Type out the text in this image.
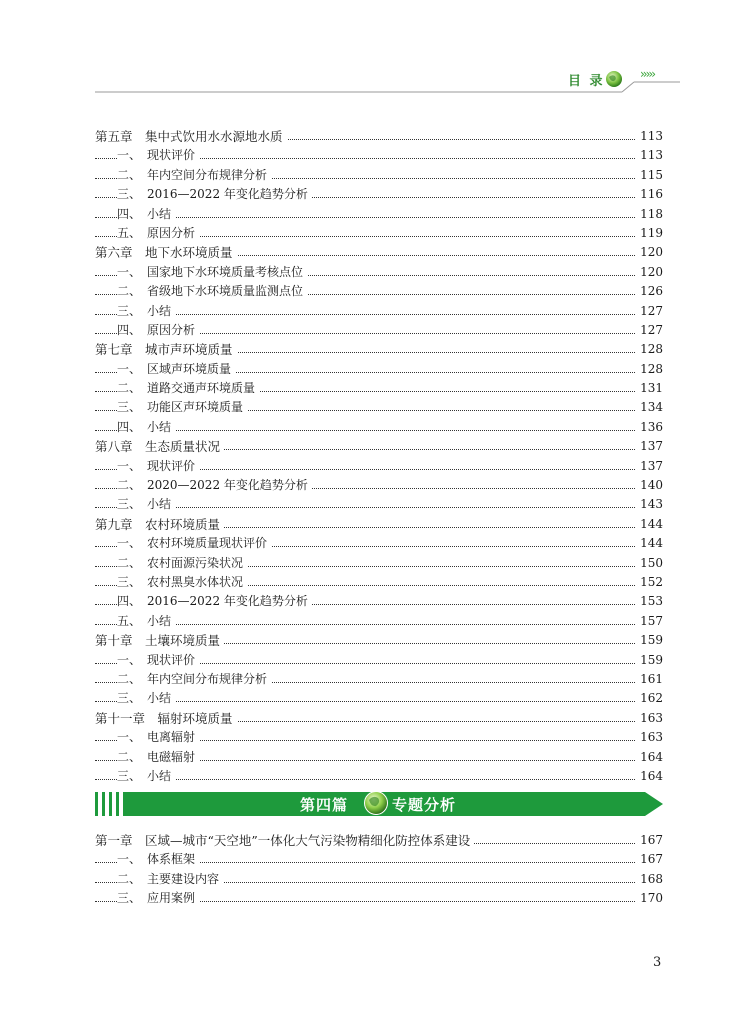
目 录	›››››
第五章　集中式饮用水水源地水质	113
一、　现状评价	113
二、　年内空间分布规律分析	115
三、　2016—2022 年变化趋势分析	116
四、　小结	118
五、　原因分析	119
第六章　地下水环境质量	120
一、　国家地下水环境质量考核点位	120
二、　省级地下水环境质量监测点位	126
三、　小结	127
四、　原因分析	127
第七章　城市声环境质量	128
一、　区域声环境质量	128
二、　道路交通声环境质量	131
三、　功能区声环境质量	134
四、　小结	136
第八章　生态质量状况	137
一、　现状评价	137
二、　2020—2022 年变化趋势分析	140
三、　小结	143
第九章　农村环境质量	144
一、　农村环境质量现状评价	144
二、　农村面源污染状况	150
三、　农村黑臭水体状况	152
四、　2016—2022 年变化趋势分析	153
五、　小结	157
第十章　土壤环境质量	159
一、　现状评价	159
二、　年内空间分布规律分析	161
三、　小结	162
第十一章　辐射环境质量	163
一、　电离辐射	163
二、　电磁辐射	164
三、　小结	164
第四篇	专题分析
第一章　区域—城市“天空地”一体化大气污染物精细化防控体系建设	167
一、　体系框架	167
二、　主要建设内容	168
三、　应用案例	170
3
